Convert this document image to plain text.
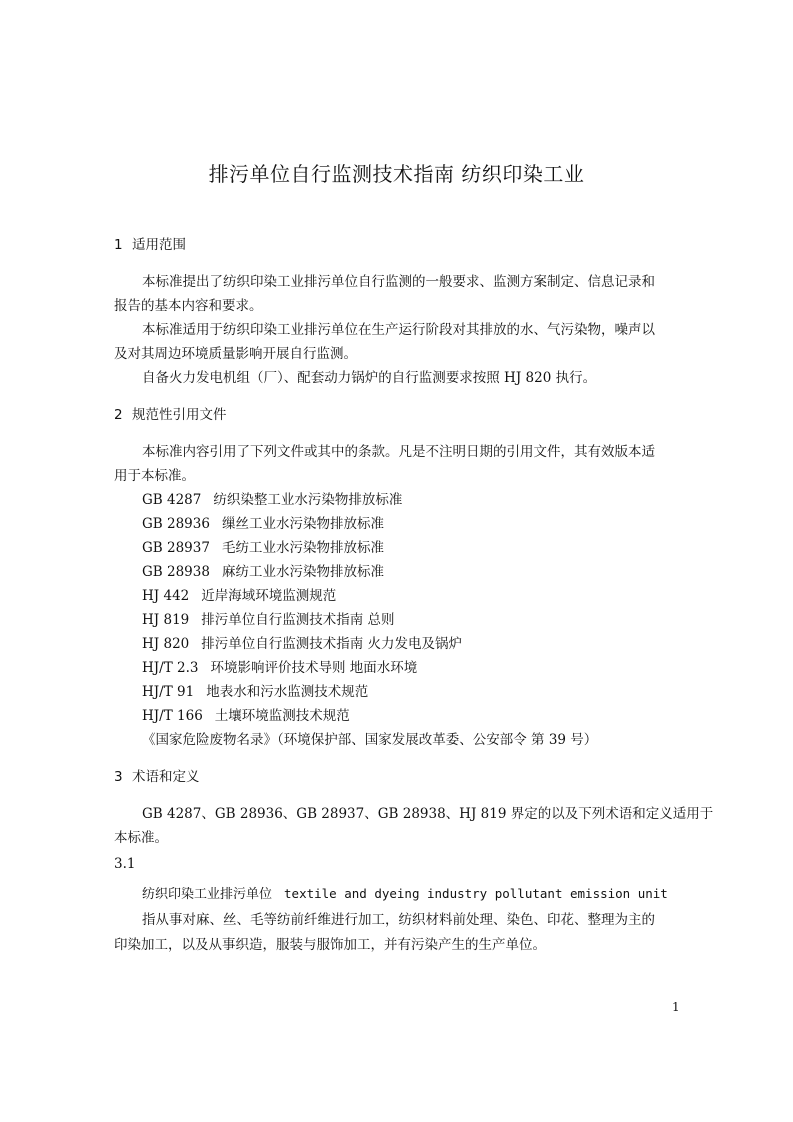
排污单位自行监测技术指南 纺织印染工业
1 适用范围
本标准提出了纺织印染工业排污单位自行监测的一般要求、监测方案制定、信息记录和
报告的基本内容和要求。
本标准适用于纺织印染工业排污单位在生产运行阶段对其排放的水、气污染物，噪声以
及对其周边环境质量影响开展自行监测。
自备火力发电机组（厂）、配套动力锅炉的自行监测要求按照 HJ 820 执行。
2 规范性引用文件
本标准内容引用了下列文件或其中的条款。凡是不注明日期的引用文件，其有效版本适
用于本标准。
GB 4287 纺织染整工业水污染物排放标准
GB 28936 缫丝工业水污染物排放标准
GB 28937 毛纺工业水污染物排放标准
GB 28938 麻纺工业水污染物排放标准
HJ 442 近岸海域环境监测规范
HJ 819 排污单位自行监测技术指南 总则
HJ 820 排污单位自行监测技术指南 火力发电及锅炉
HJ/T 2.3 环境影响评价技术导则 地面水环境
HJ/T 91 地表水和污水监测技术规范
HJ/T 166 土壤环境监测技术规范
《国家危险废物名录》（环境保护部、国家发展改革委、公安部令 第 39 号）
3 术语和定义
GB 4287、GB 28936、GB 28937、GB 28938、HJ 819 界定的以及下列术语和定义适用于
本标准。
3.1
纺织印染工业排污单位 textile and dyeing industry pollutant emission unit
指从事对麻、丝、毛等纺前纤维进行加工，纺织材料前处理、染色、印花、整理为主的
印染加工，以及从事织造，服装与服饰加工，并有污染产生的生产单位。
1
